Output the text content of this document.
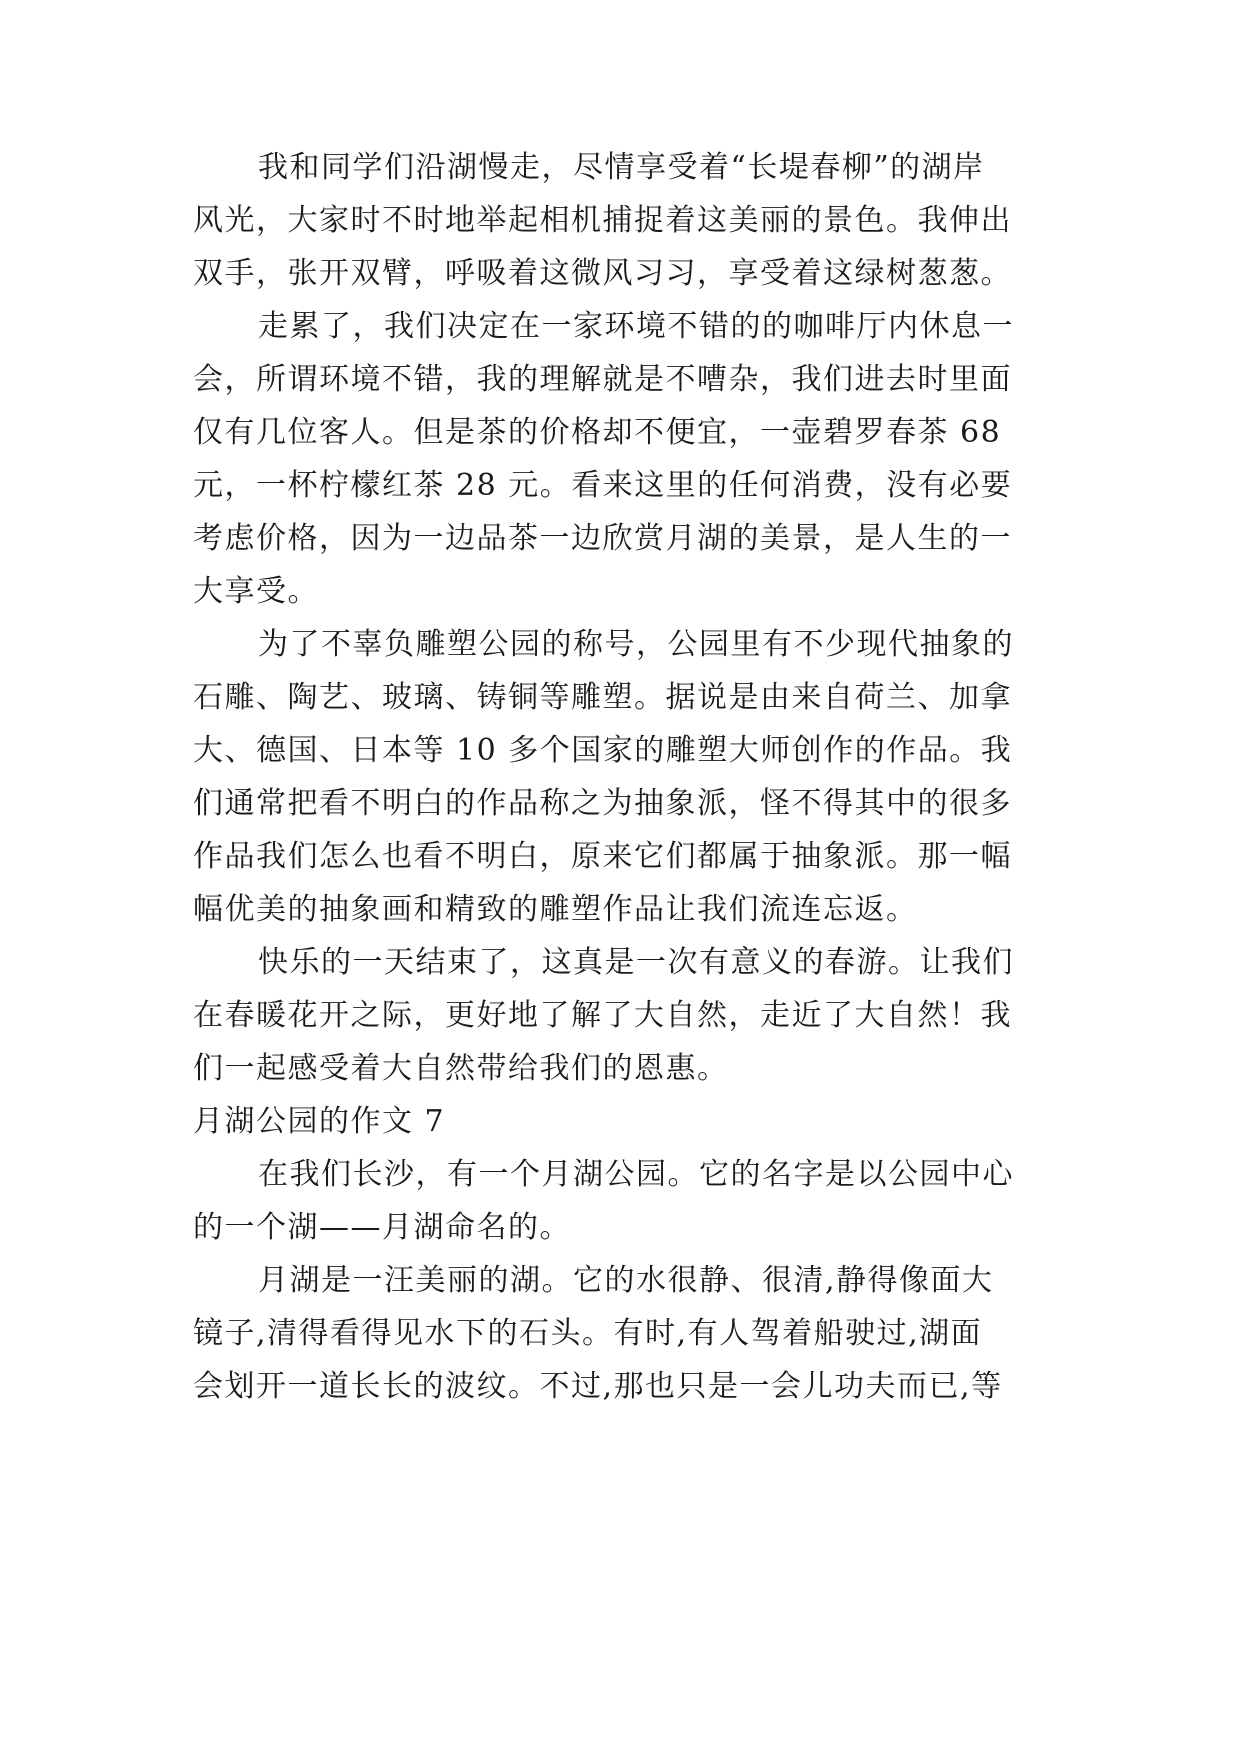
我和同学们沿湖慢走，尽情享受着“长堤春柳”的湖岸
风光，大家时不时地举起相机捕捉着这美丽的景色。我伸出
双手，张开双臂，呼吸着这微风习习，享受着这绿树葱葱。
走累了，我们决定在一家环境不错的的咖啡厅内休息一
会，所谓环境不错，我的理解就是不嘈杂，我们进去时里面
仅有几位客人。但是茶的价格却不便宜，一壶碧罗春茶 68
元，一杯柠檬红茶 28 元。看来这里的任何消费，没有必要
考虑价格，因为一边品茶一边欣赏月湖的美景，是人生的一
大享受。
为了不辜负雕塑公园的称号，公园里有不少现代抽象的
石雕、陶艺、玻璃、铸铜等雕塑。据说是由来自荷兰、加拿
大、德国、日本等 10 多个国家的雕塑大师创作的作品。我
们通常把看不明白的作品称之为抽象派，怪不得其中的很多
作品我们怎么也看不明白，原来它们都属于抽象派。那一幅
幅优美的抽象画和精致的雕塑作品让我们流连忘返。
快乐的一天结束了，这真是一次有意义的春游。让我们
在春暖花开之际，更好地了解了大自然，走近了大自然！我
们一起感受着大自然带给我们的恩惠。
月湖公园的作文 7
在我们长沙，有一个月湖公园。它的名字是以公园中心
的一个湖——月湖命名的。
月湖是一汪美丽的湖。它的水很静、很清,静得像面大
镜子,清得看得见水下的石头。有时,有人驾着船驶过,湖面
会划开一道长长的波纹。不过,那也只是一会儿功夫而已,等
